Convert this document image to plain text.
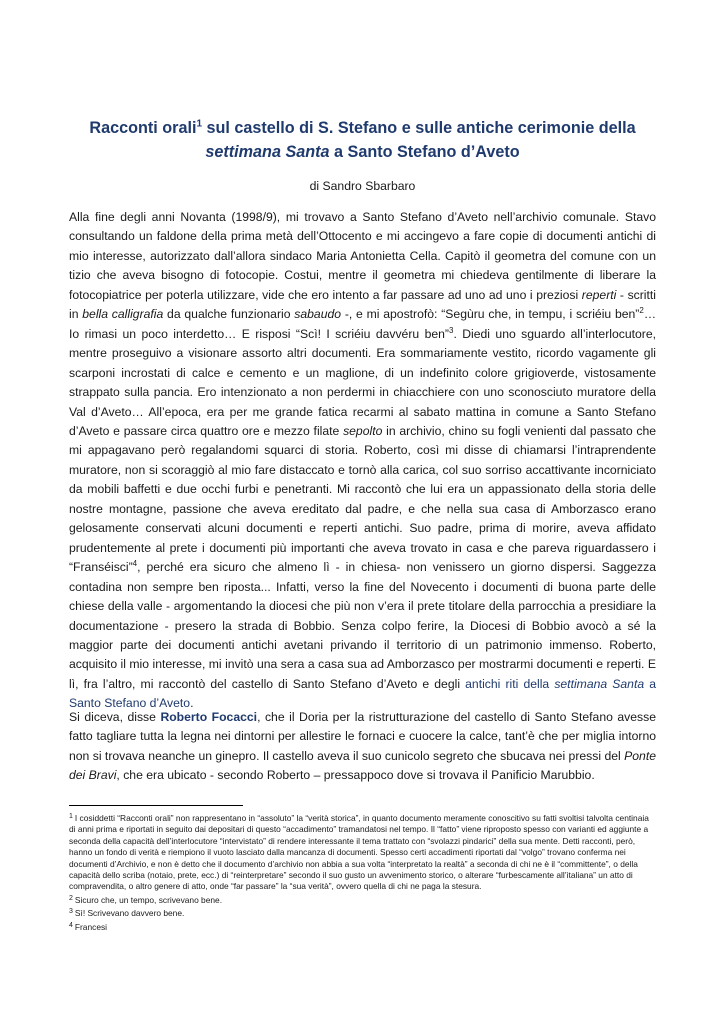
Racconti orali$^1$ sul castello di S. Stefano e sulle antiche cerimonie della settimana Santa a Santo Stefano d’Aveto
di Sandro Sbarbaro

Alla fine degli anni Novanta (1998/9), mi trovavo a Santo Stefano d’Aveto nell’archivio comunale. Stavo consultando un faldone della prima metà dell’Ottocento e mi accingevo a fare copie di documenti antichi di mio interesse, autorizzato dall’allora sindaco Maria Antonietta Cella. Capitò il geometra del comune con un tizio che aveva bisogno di fotocopie. Costui, mentre il geometra mi chiedeva gentilmente di liberare la fotocopiatrice per poterla utilizzare, vide che ero intento a far passare ad uno ad uno i preziosi reperti - scritti in bella calligrafia da qualche funzionario sabaudo -, e mi apostrofò: “Segùru che, in tempu, i scriéiu ben”$^2$… Io rimasi un poco interdetto… E risposi “Scì! I scriéiu davvéru ben”$^3$. Diedi uno sguardo all’interlocutore, mentre proseguivo a visionare assorto altri documenti. Era sommariamente vestito, ricordo vagamente gli scarponi incrostati di calce e cemento e un maglione, di un indefinito colore grigioverde, vistosamente strappato sulla pancia. Ero intenzionato a non perdermi in chiacchiere con uno sconosciuto muratore della Val d’Aveto… All’epoca, era per me grande fatica recarmi al sabato mattina in comune a Santo Stefano d’Aveto e passare circa quattro ore e mezzo filate sepolto in archivio, chino su fogli venienti dal passato che mi appagavano però regalandomi squarci di storia. Roberto, così mi disse di chiamarsi l’intraprendente muratore, non si scoraggiò al mio fare distaccato e tornò alla carica, col suo sorriso accattivante incorniciato da mobili baffetti e due occhi furbi e penetranti. Mi raccontò che lui era un appassionato della storia delle nostre montagne, passione che aveva ereditato dal padre, e che nella sua casa di Amborzasco erano gelosamente conservati alcuni documenti e reperti antichi. Suo padre, prima di morire, aveva affidato prudentemente al prete i documenti più importanti che aveva trovato in casa e che pareva riguardassero i “Franséisci”$^4$, perché era sicuro che almeno lì - in chiesa- non venissero un giorno dispersi. Saggezza contadina non sempre ben riposta... Infatti, verso la fine del Novecento i documenti di buona parte delle chiese della valle - argomentando la diocesi che più non v’era il prete titolare della parrocchia a presidiare la documentazione - presero la strada di Bobbio. Senza colpo ferire, la Diocesi di Bobbio avocò a sé la maggior parte dei documenti antichi avetani privando il territorio di un patrimonio immenso. Roberto, acquisito il mio interesse, mi invitò una sera a casa sua ad Amborzasco per mostrarmi documenti e reperti. E lì, fra l’altro, mi raccontò del castello di Santo Stefano d’Aveto e degli antichi riti della settimana Santa a Santo Stefano d’Aveto.

Si diceva, disse Roberto Focacci, che il Doria per la ristrutturazione del castello di Santo Stefano avesse fatto tagliare tutta la legna nei dintorni per allestire le fornaci e cuocere la calce, tant’è che per miglia intorno non si trovava neanche un ginepro. Il castello aveva il suo cunicolo segreto che sbucava nei pressi del Ponte dei Bravi, che era ubicato - secondo Roberto – pressappoco dove si trovava il Panificio Marubbio.

$^1$ I cosiddetti “Racconti orali” non rappresentano in “assoluto” la “verità storica”, in quanto documento meramente conoscitivo su fatti svoltisi talvolta centinaia di anni prima e riportati in seguito dai depositari di questo “accadimento” tramandatosi nel tempo. Il “fatto” viene riproposto spesso con varianti ed aggiunte a seconda della capacità dell’interlocutore “intervistato” di rendere interessante il tema trattato con “svolazzi pindarici” della sua mente. Detti racconti, però, hanno un fondo di verità e riempiono il vuoto lasciato dalla mancanza di documenti. Spesso certi accadimenti riportati dal “volgo” trovano conferma nei documenti d’Archivio, e non è detto che il documento d’archivio non abbia a sua volta “interpretato la realtà” a seconda di chi ne è il “committente”, o della capacità dello scriba (notaio, prete, ecc.) di “reinterpretare” secondo il suo gusto un avvenimento storico, o alterare “furbescamente all’italiana” un atto di compravendita, o altro genere di atto, onde “far passare” la “sua verità”, ovvero quella di chi ne paga la stesura.

$^2$ Sicuro che, un tempo, scrivevano bene.

$^3$ Sì! Scrivevano davvero bene.

$^4$ Francesi
